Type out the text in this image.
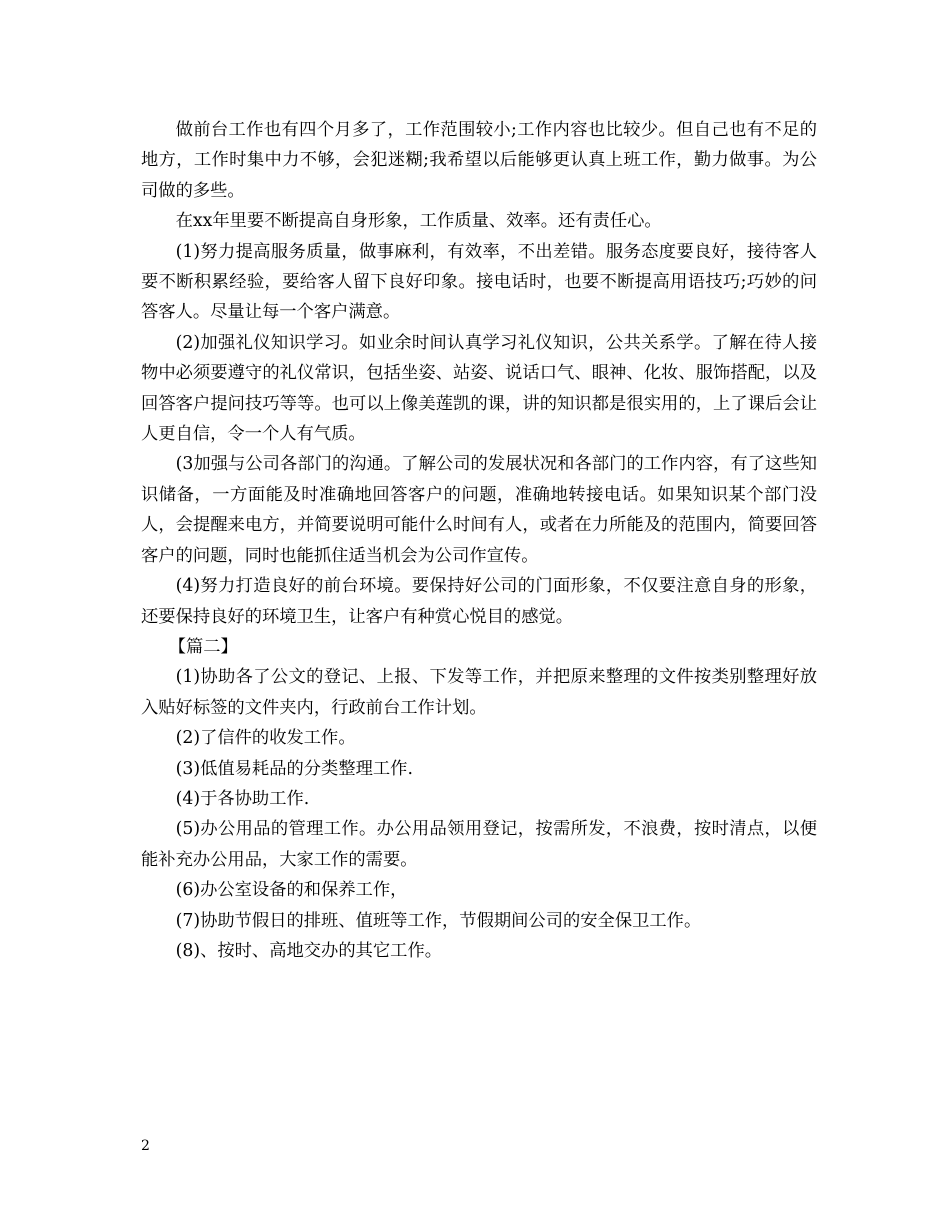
做前台工作也有四个月多了，工作范围较小;工作内容也比较少。但自己也有不足的地方，工作时集中力不够，会犯迷糊;我希望以后能够更认真上班工作，勤力做事。为公司做的多些。

在xx年里要不断提高自身形象，工作质量、效率。还有责任心。

(1)努力提高服务质量，做事麻利，有效率，不出差错。服务态度要良好，接待客人要不断积累经验，要给客人留下良好印象。接电话时，也要不断提高用语技巧;巧妙的问答客人。尽量让每一个客户满意。

(2)加强礼仪知识学习。如业余时间认真学习礼仪知识，公共关系学。了解在待人接物中必须要遵守的礼仪常识，包括坐姿、站姿、说话口气、眼神、化妆、服饰搭配，以及回答客户提问技巧等等。也可以上像美莲凯的课，讲的知识都是很实用的，上了课后会让人更自信，令一个人有气质。

(3加强与公司各部门的沟通。了解公司的发展状况和各部门的工作内容，有了这些知识储备，一方面能及时准确地回答客户的问题，准确地转接电话。如果知识某个部门没人，会提醒来电方，并简要说明可能什么时间有人，或者在力所能及的范围内，简要回答客户的问题，同时也能抓住适当机会为公司作宣传。

(4)努力打造良好的前台环境。要保持好公司的门面形象，不仅要注意自身的形象，还要保持良好的环境卫生，让客户有种赏心悦目的感觉。

【篇二】

(1)协助各了公文的登记、上报、下发等工作，并把原来整理的文件按类别整理好放入贴好标签的文件夹内，行政前台工作计划。

(2)了信件的收发工作。

(3)低值易耗品的分类整理工作.

(4)于各协助工作.

(5)办公用品的管理工作。办公用品领用登记，按需所发，不浪费，按时清点，以便能补充办公用品，大家工作的需要。

(6)办公室设备的和保养工作，

(7)协助节假日的排班、值班等工作，节假期间公司的安全保卫工作。

(8)、按时、高地交办的其它工作。

2
